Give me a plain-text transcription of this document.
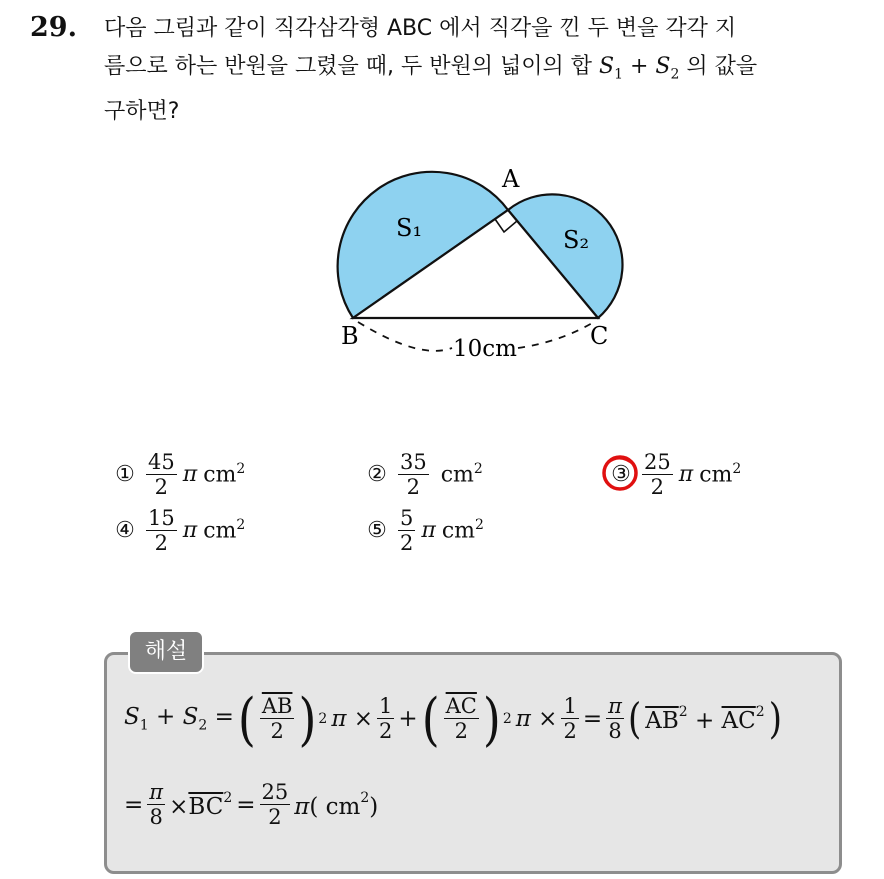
29. 다음 그림과 같이 직각삼각형 ABC 에서 직각을 낀 두 변을 각각 지
름으로 하는 반원을 그렸을 때, 두 반원의 넓이의 합 $S_1 + S_2$ 의 값을
구하면?
A
B	C
S₁	S₂
10cm
① $\frac{45}{2}$ π $cm^2$	② $\frac{35}{2} cm^2$	③ $\frac{25}{2}$ π $cm^2$
④ $\frac{15}{2}$ π $cm^2$	⑤ $\frac{5}{2}$ π $cm^2$
해설
$S_1 + S_2$ = ( $\frac{\overline{AB}}{2}$ ) 2 $\pi \times \frac{1}{2}$ + ( $\frac{\overline{AC}}{2}$ ) 2 $\pi \times \frac{1}{2} = \frac{\pi}{8}$ ( $\overline{AB}^2 + \overline{AC}^2$ )
= $\frac{\pi}{8} \times\overline{BC}^2 = \frac{25}{2} \pi$( $cm^2$)
